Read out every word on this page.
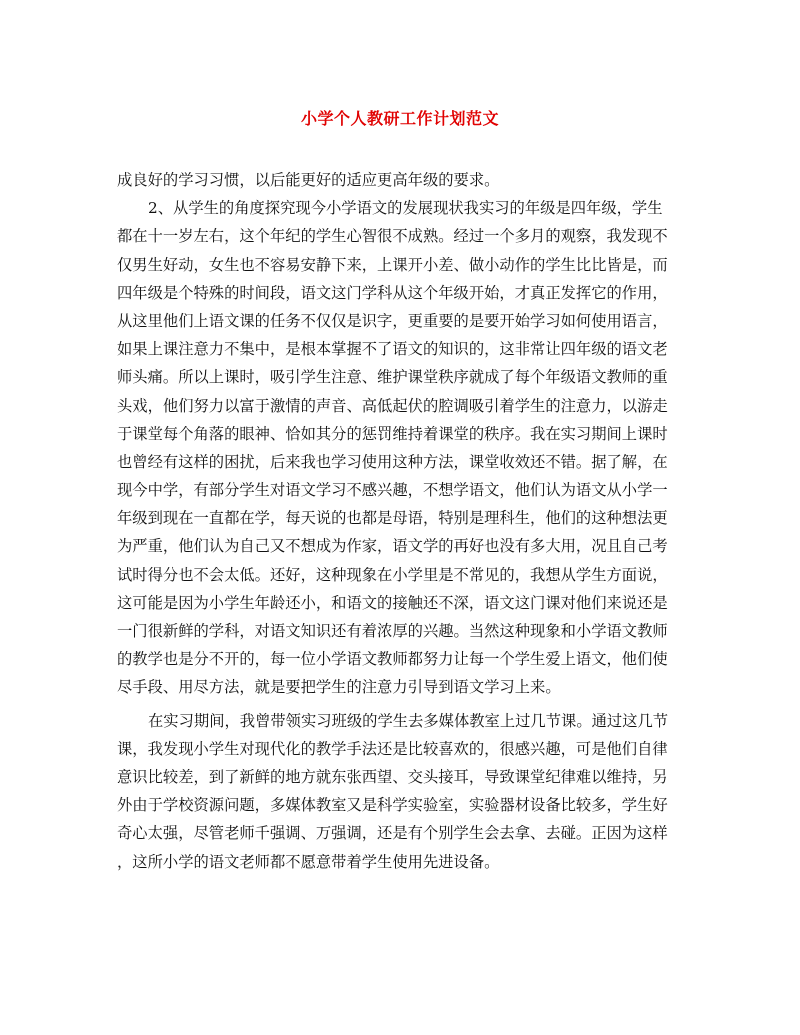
小学个人教研工作计划范文
成良好的学习习惯，以后能更好的适应更高年级的要求。
2、从学生的角度探究现今小学语文的发展现状我实习的年级是四年级，学生
都在十一岁左右，这个年纪的学生心智很不成熟。经过一个多月的观察，我发现不
仅男生好动，女生也不容易安静下来，上课开小差、做小动作的学生比比皆是，而
四年级是个特殊的时间段，语文这门学科从这个年级开始，才真正发挥它的作用，
从这里他们上语文课的任务不仅仅是识字，更重要的是要开始学习如何使用语言，
如果上课注意力不集中，是根本掌握不了语文的知识的，这非常让四年级的语文老
师头痛。所以上课时，吸引学生注意、维护课堂秩序就成了每个年级语文教师的重
头戏，他们努力以富于激情的声音、高低起伏的腔调吸引着学生的注意力，以游走
于课堂每个角落的眼神、恰如其分的惩罚维持着课堂的秩序。我在实习期间上课时
也曾经有这样的困扰，后来我也学习使用这种方法，课堂收效还不错。据了解，在
现今中学，有部分学生对语文学习不感兴趣，不想学语文，他们认为语文从小学一
年级到现在一直都在学，每天说的也都是母语，特别是理科生，他们的这种想法更
为严重，他们认为自己又不想成为作家，语文学的再好也没有多大用，况且自己考
试时得分也不会太低。还好，这种现象在小学里是不常见的，我想从学生方面说，
这可能是因为小学生年龄还小，和语文的接触还不深，语文这门课对他们来说还是
一门很新鲜的学科，对语文知识还有着浓厚的兴趣。当然这种现象和小学语文教师
的教学也是分不开的，每一位小学语文教师都努力让每一个学生爱上语文，他们使
尽手段、用尽方法，就是要把学生的注意力引导到语文学习上来。
在实习期间，我曾带领实习班级的学生去多媒体教室上过几节课。通过这几节
课，我发现小学生对现代化的教学手法还是比较喜欢的，很感兴趣，可是他们自律
意识比较差，到了新鲜的地方就东张西望、交头接耳，导致课堂纪律难以维持，另
外由于学校资源问题，多媒体教室又是科学实验室，实验器材设备比较多，学生好
奇心太强，尽管老师千强调、万强调，还是有个别学生会去拿、去碰。正因为这样
，这所小学的语文老师都不愿意带着学生使用先进设备。
